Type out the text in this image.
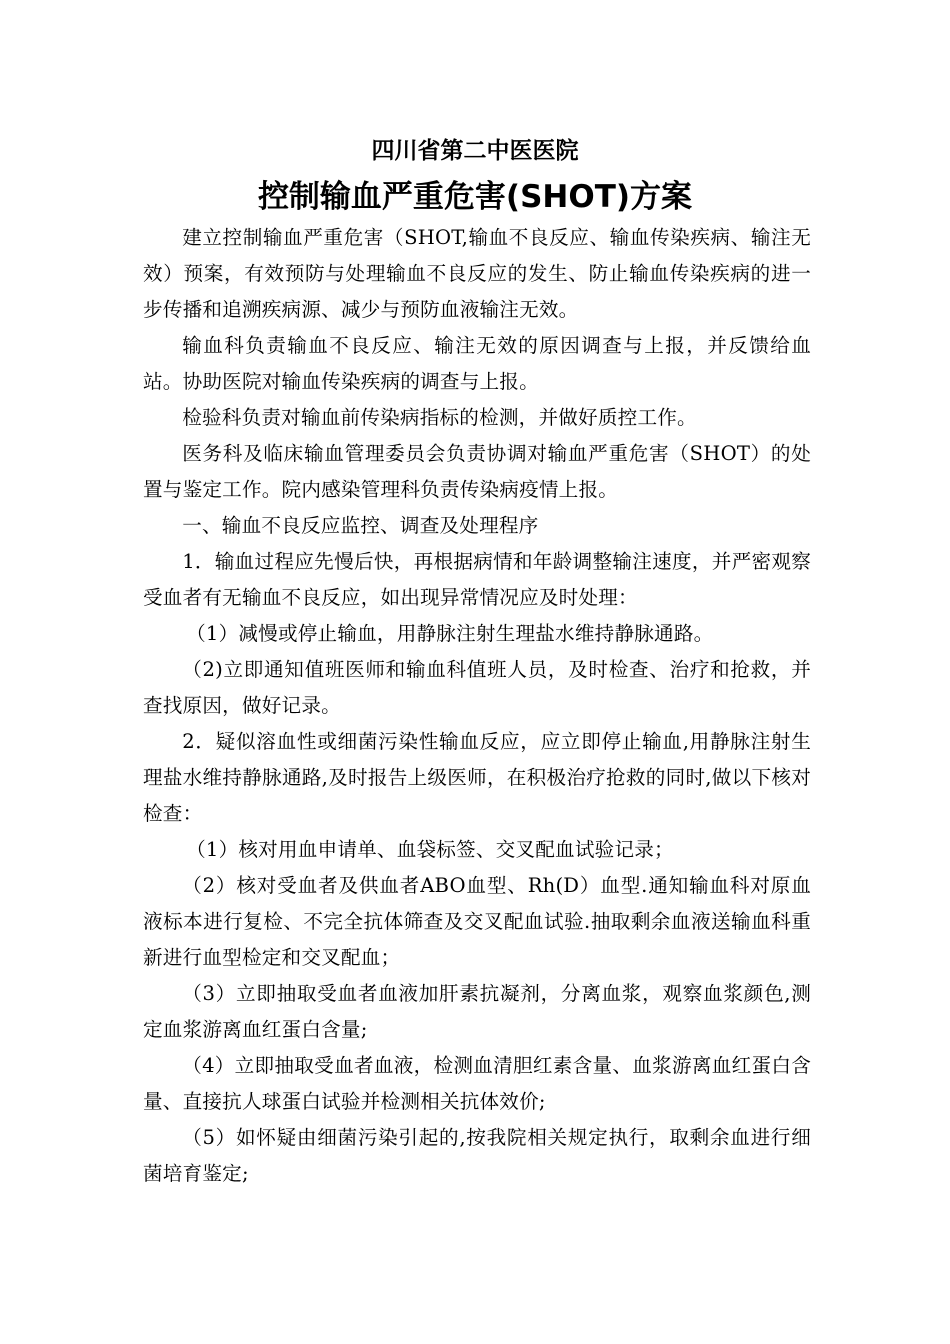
四川省第二中医医院
控制输血严重危害(SHOT)方案

建立控制输血严重危害（SHOT,输血不良反应、输血传染疾病、输注无效）预案，有效预防与处理输血不良反应的发生、防止输血传染疾病的进一步传播和追溯疾病源、减少与预防血液输注无效。

输血科负责输血不良反应、输注无效的原因调查与上报，并反馈给血站。协助医院对输血传染疾病的调查与上报。

检验科负责对输血前传染病指标的检测，并做好质控工作。

医务科及临床输血管理委员会负责协调对输血严重危害（SHOT）的处置与鉴定工作。院内感染管理科负责传染病疫情上报。

一、输血不良反应监控、调查及处理程序

1．输血过程应先慢后快，再根据病情和年龄调整输注速度，并严密观察受血者有无输血不良反应，如出现异常情况应及时处理：

（1）减慢或停止输血，用静脉注射生理盐水维持静脉通路。

（2)立即通知值班医师和输血科值班人员，及时检查、治疗和抢救，并查找原因，做好记录。

2．疑似溶血性或细菌污染性输血反应，应立即停止输血,用静脉注射生理盐水维持静脉通路,及时报告上级医师，在积极治疗抢救的同时,做以下核对检查：

（1）核对用血申请单、血袋标签、交叉配血试验记录；

（2）核对受血者及供血者ABO血型、Rh(D）血型.通知输血科对原血液标本进行复检、不完全抗体筛查及交叉配血试验.抽取剩余血液送输血科重新进行血型检定和交叉配血；

（3）立即抽取受血者血液加肝素抗凝剂，分离血浆，观察血浆颜色,测定血浆游离血红蛋白含量;

（4）立即抽取受血者血液，检测血清胆红素含量、血浆游离血红蛋白含量、直接抗人球蛋白试验并检测相关抗体效价;

（5）如怀疑由细菌污染引起的,按我院相关规定执行，取剩余血进行细菌培育鉴定;
